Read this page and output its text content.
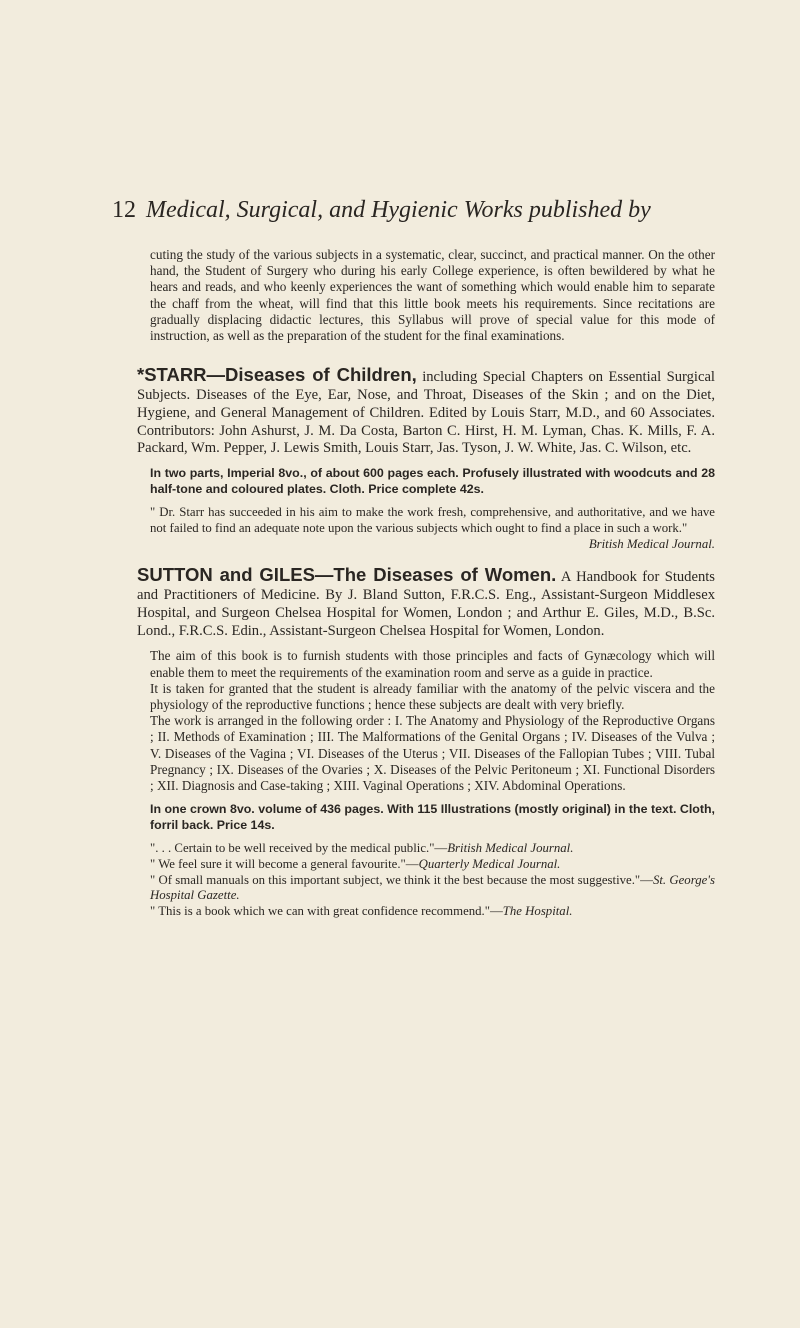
12 Medical, Surgical, and Hygienic Works published by

cuting the study of the various subjects in a systematic, clear, succinct, and practical manner. On the other hand, the Student of Surgery who during his early College experience, is often bewildered by what he hears and reads, and who keenly experiences the want of something which would enable him to separate the chaff from the wheat, will find that this little book meets his requirements. Since recitations are gradually displacing didactic lectures, this Syllabus will prove of special value for this mode of instruction, as well as the preparation of the student for the final examinations.

*STARR—Diseases of Children, including Special Chapters on Essential Surgical Subjects. Diseases of the Eye, Ear, Nose, and Throat, Diseases of the Skin ; and on the Diet, Hygiene, and General Management of Children. Edited by Louis Starr, M.D., and 60 Associates. Contributors: John Ashurst, J. M. Da Costa, Barton C. Hirst, H. M. Lyman, Chas. K. Mills, F. A. Packard, Wm. Pepper, J. Lewis Smith, Louis Starr, Jas. Tyson, J. W. White, Jas. C. Wilson, etc.

In two parts, Imperial 8vo., of about 600 pages each. Profusely illustrated with woodcuts and 28 half-tone and coloured plates. Cloth. Price complete 42s.

" Dr. Starr has succeeded in his aim to make the work fresh, comprehensive, and authoritative, and we have not failed to find an adequate note upon the various subjects which ought to find a place in such a work."

British Medical Journal.

SUTTON and GILES—The Diseases of Women. A Handbook for Students and Practitioners of Medicine. By J. Bland Sutton, F.R.C.S. Eng., Assistant-Surgeon Middlesex Hospital, and Surgeon Chelsea Hospital for Women, London ; and Arthur E. Giles, M.D., B.Sc. Lond., F.R.C.S. Edin., Assistant-Surgeon Chelsea Hospital for Women, London.

The aim of this book is to furnish students with those principles and facts of Gynæcology which will enable them to meet the requirements of the examination room and serve as a guide in practice.

It is taken for granted that the student is already familiar with the anatomy of the pelvic viscera and the physiology of the reproductive functions ; hence these subjects are dealt with very briefly.

The work is arranged in the following order : I. The Anatomy and Physiology of the Reproductive Organs ; II. Methods of Examination ; III. The Malformations of the Genital Organs ; IV. Diseases of the Vulva ; V. Diseases of the Vagina ; VI. Diseases of the Uterus ; VII. Diseases of the Fallopian Tubes ; VIII. Tubal Pregnancy ; IX. Diseases of the Ovaries ; X. Diseases of the Pelvic Peritoneum ; XI. Functional Disorders ; XII. Diagnosis and Case-taking ; XIII. Vaginal Operations ; XIV. Abdominal Operations.

In one crown 8vo. volume of 436 pages. With 115 Illustrations (mostly original) in the text. Cloth, forril back. Price 14s.

". . . Certain to be well received by the medical public."—British Medical Journal.

" We feel sure it will become a general favourite."—Quarterly Medical Journal.

" Of small manuals on this important subject, we think it the best because the most suggestive."—St. George's Hospital Gazette.

" This is a book which we can with great confidence recommend."—The Hospital.
